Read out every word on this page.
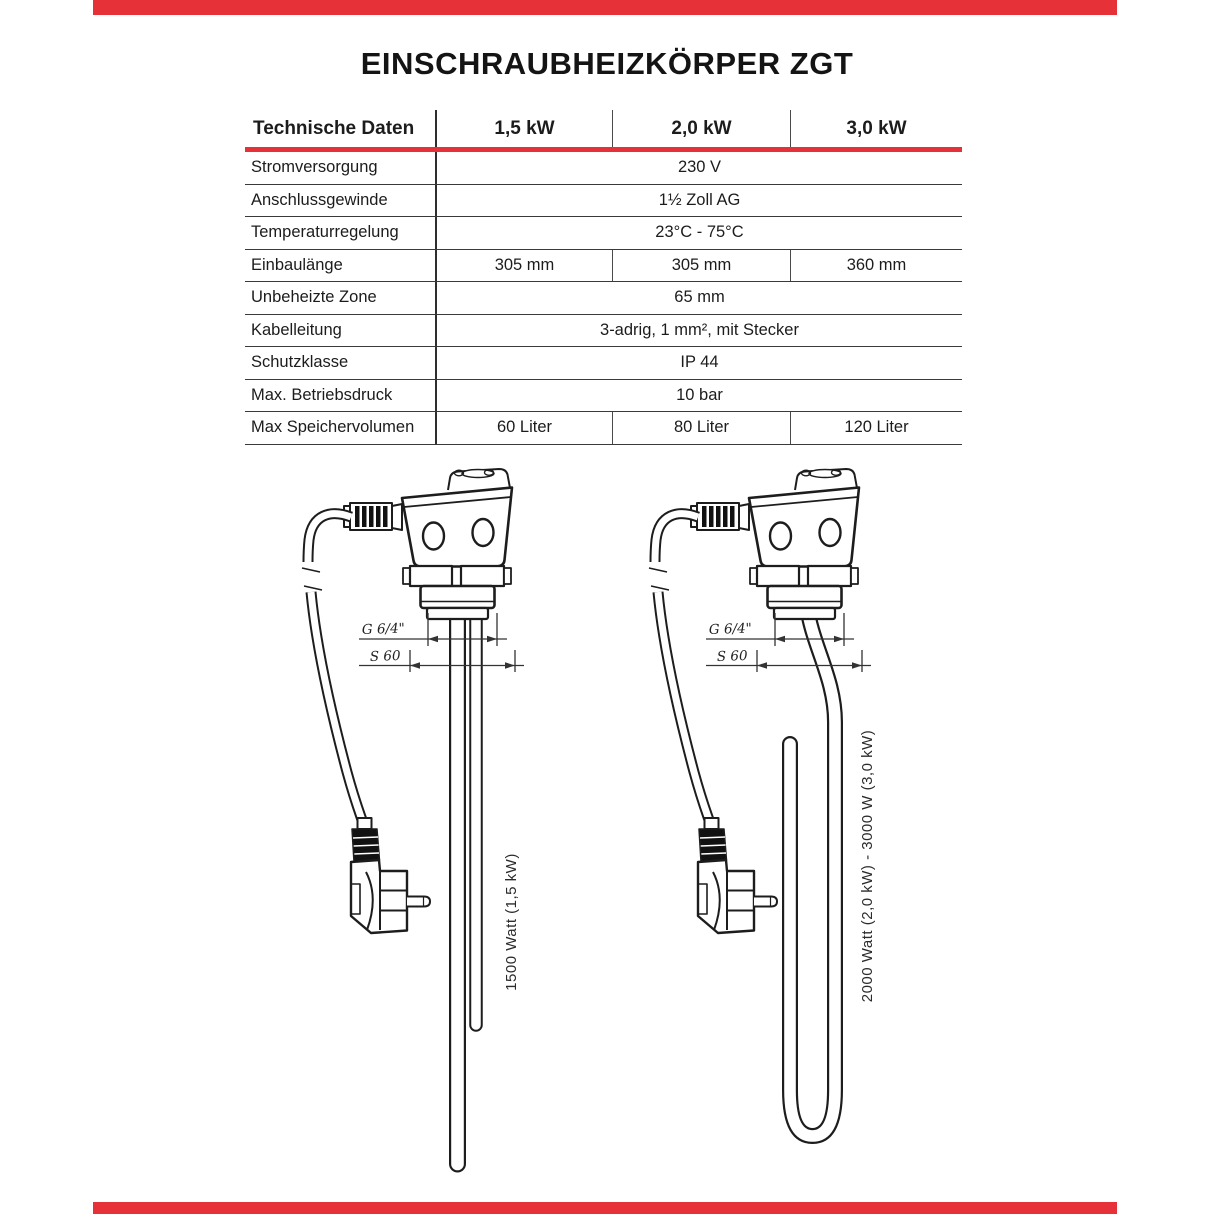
EINSCHRAUBHEIZKÖRPER ZGT
Technische Daten	1,5 kW	2,0 kW	3,0 kW
Stromversorgung	230 V
Anschlussgewinde	1½ Zoll AG
Temperaturregelung	23°C - 75°C
Einbaulänge	305 mm	305 mm	360 mm
Unbeheizte Zone	65 mm
Kabelleitung	3-adrig, 1 mm², mit Stecker
Schutzklasse	IP 44
Max. Betriebsdruck	10 bar
Max Speichervolumen	60 Liter	80 Liter	120 Liter
G 6/4"
S 60
G 6/4"
S 60
1500 Watt (1,5 kW)	2000 Watt (2,0 kW) - 3000 W (3,0 kW)
